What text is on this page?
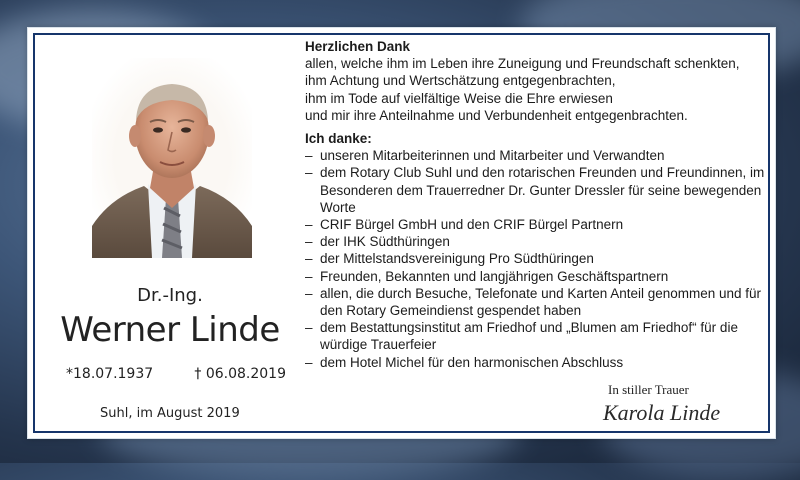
Dr.-Ing.
Werner Linde
*18.07.1937	† 06.08.2019
Suhl, im August 2019

Herzlichen Dank

allen, welche ihm im Leben ihre Zuneigung und Freundschaft schenkten,

ihm Achtung und Wertschätzung entgegenbrachten,

ihm im Tode auf vielfältige Weise die Ehre erwiesen

und mir ihre Anteilnahme und Verbundenheit entgegenbrachten.

Ich danke:

– unseren Mitarbeiterinnen und Mitarbeiter und Verwandten
– dem Rotary Club Suhl und den rotarischen Freunden und Freundinnen, im Besonderen dem Trauerredner Dr. Gunter Dressler für seine bewegenden Worte
– CRIF Bürgel GmbH und den CRIF Bürgel Partnern
– der IHK Südthüringen
– der Mittelstandsvereinigung Pro Südthüringen
– Freunden, Bekannten und langjährigen Geschäftspartnern
– allen, die durch Besuche, Telefonate und Karten Anteil genommen und für den Rotary Gemeindienst gespendet haben
– dem Bestattungsinstitut am Friedhof und „Blumen am Friedhof“ für die würdige Trauerfeier
– dem Hotel Michel für den harmonischen Abschluss
In stiller Trauer
Karola Linde
